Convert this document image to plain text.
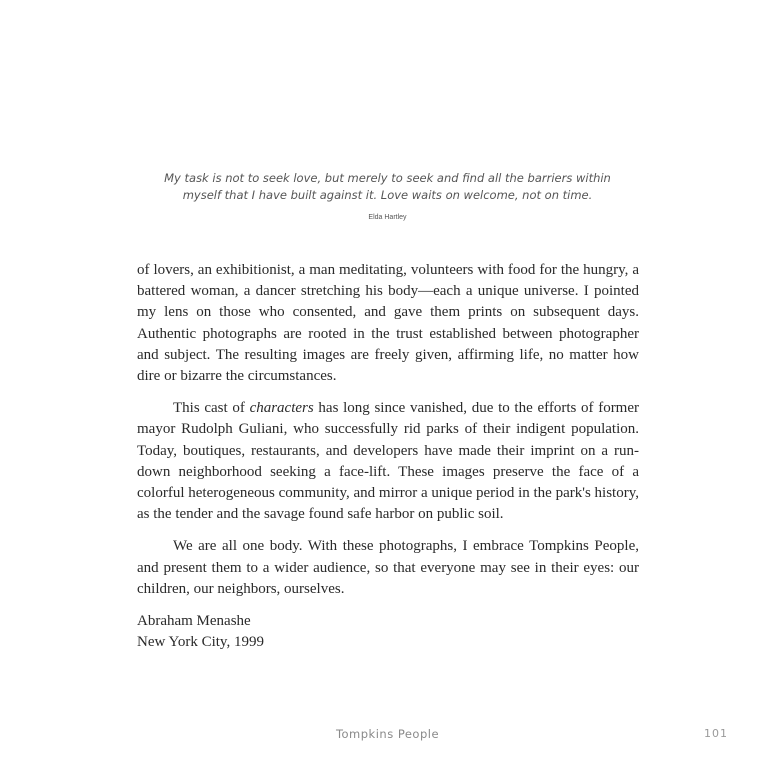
My task is not to seek love, but merely to seek and find all the barriers within
myself that I have built against it. Love waits on welcome, not on time.
Elda Hartley

of lovers, an exhibitionist, a man meditating, volunteers with food for the hungry, a battered woman, a dancer stretching his body—each a unique universe. I pointed my lens on those who consented, and gave them prints on subsequent days. Authentic photographs are rooted in the trust established between photographer and subject. The resulting images are freely given, affirming life, no matter how dire or bizarre the circumstances.

This cast of characters has long since vanished, due to the efforts of former mayor Rudolph Guliani, who successfully rid parks of their indigent population. Today, boutiques, restaurants, and developers have made their imprint on a run-down neighborhood seeking a face-lift. These images preserve the face of a colorful heterogeneous community, and mirror a unique period in the park's history, as the tender and the savage found safe harbor on public soil.

We are all one body. With these photographs, I embrace Tompkins People, and present them to a wider audience, so that everyone may see in their eyes: our children, our neighbors, ourselves.

Abraham Menashe
New York City, 1999
Tompkins People	101
